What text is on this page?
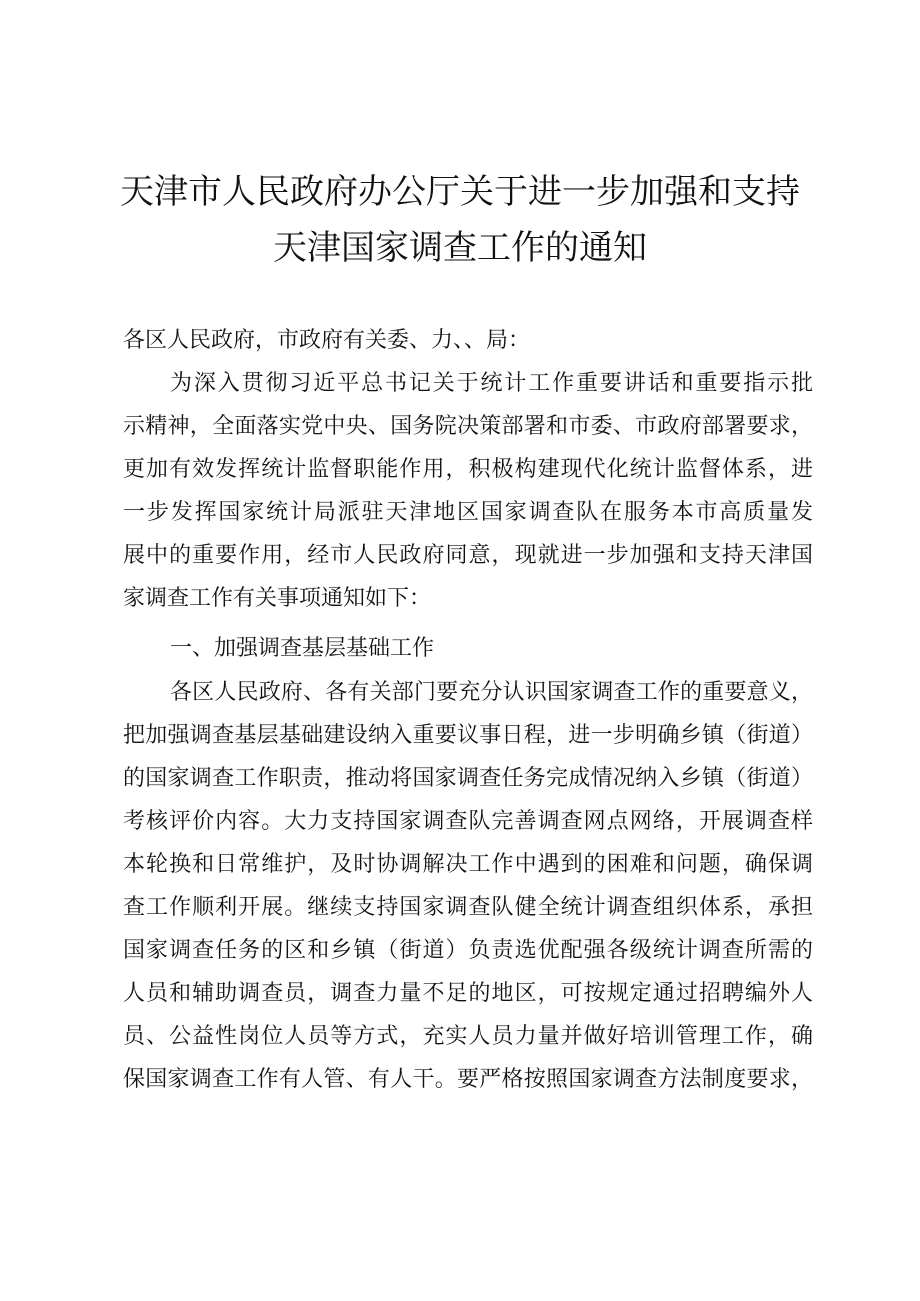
天津市人民政府办公厅关于进一步加强和支持
天津国家调查工作的通知
各区人民政府，市政府有关委、力、、局：
为深入贯彻习近平总书记关于统计工作重要讲话和重要指示批
示精神，全面落实党中央、国务院决策部署和市委、市政府部署要求，
更加有效发挥统计监督职能作用，积极构建现代化统计监督体系，进
一步发挥国家统计局派驻天津地区国家调查队在服务本市高质量发
展中的重要作用，经市人民政府同意，现就进一步加强和支持天津国
家调查工作有关事项通知如下：
一、加强调查基层基础工作
各区人民政府、各有关部门要充分认识国家调查工作的重要意义，
把加强调查基层基础建设纳入重要议事日程，进一步明确乡镇（街道）
的国家调查工作职责，推动将国家调查任务完成情况纳入乡镇（街道）
考核评价内容。大力支持国家调查队完善调查网点网络，开展调查样
本轮换和日常维护，及时协调解决工作中遇到的困难和问题，确保调
查工作顺利开展。继续支持国家调查队健全统计调查组织体系，承担
国家调查任务的区和乡镇（街道）负责选优配强各级统计调查所需的
人员和辅助调查员，调查力量不足的地区，可按规定通过招聘编外人
员、公益性岗位人员等方式，充实人员力量并做好培训管理工作，确
保国家调查工作有人管、有人干。要严格按照国家调查方法制度要求，
